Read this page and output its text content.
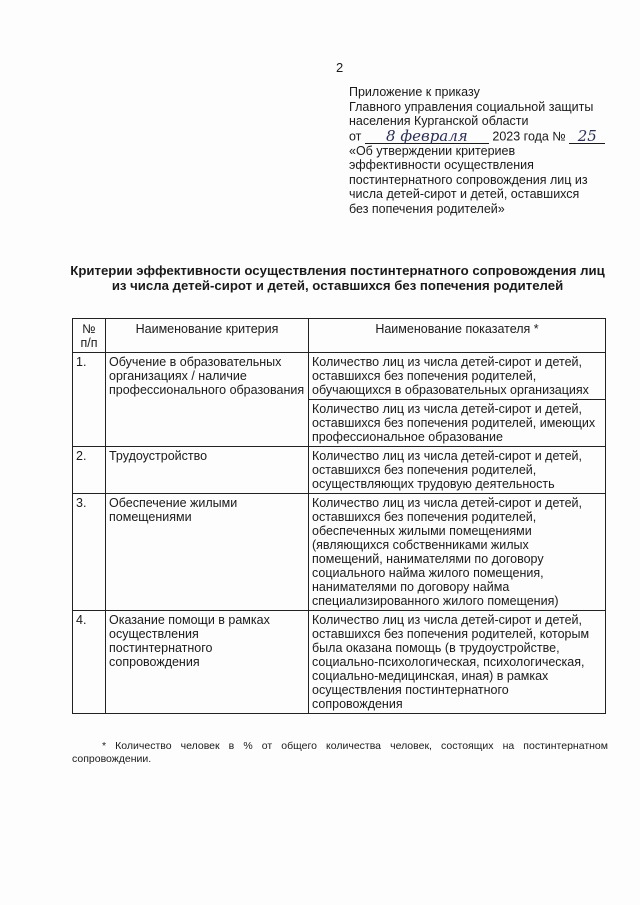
2
Приложение к приказу
Главного управления социальной защиты
населения Курганской области
от 8 февраля 2023 года № 25
«Об утверждении критериев
эффективности осуществления
постинтернатного сопровождения лиц из
числа детей-сирот и детей, оставшихся
без попечения родителей»
Критерии эффективности осуществления постинтернатного сопровождения лиц
из числа детей-сирот и детей, оставшихся без попечения родителей
№ п/п	Наименование критерия	Наименование показателя *
1.	Обучение в образовательных организациях / наличие профессионального образования	Количество лиц из числа детей-сирот и детей, оставшихся без попечения родителей, обучающихся в образовательных организациях
		Количество лиц из числа детей-сирот и детей, оставшихся без попечения родителей, имеющих профессиональное образование
2.	Трудоустройство	Количество лиц из числа детей-сирот и детей, оставшихся без попечения родителей, осуществляющих трудовую деятельность
3.	Обеспечение жилыми помещениями	Количество лиц из числа детей-сирот и детей, оставшихся без попечения родителей, обеспеченных жилыми помещениями (являющихся собственниками жилых помещений, нанимателями по договору социального найма жилого помещения, нанимателями по договору найма специализированного жилого помещения)
4.	Оказание помощи в рамках осуществления постинтернатного сопровождения	Количество лиц из числа детей-сирот и детей, оставшихся без попечения родителей, которым была оказана помощь (в трудоустройстве, социально-психологическая, психологическая, социально-медицинская, иная) в рамках осуществления постинтернатного сопровождения
* Количество человек в % от общего количества человек, состоящих на постинтернатном сопровождении.
